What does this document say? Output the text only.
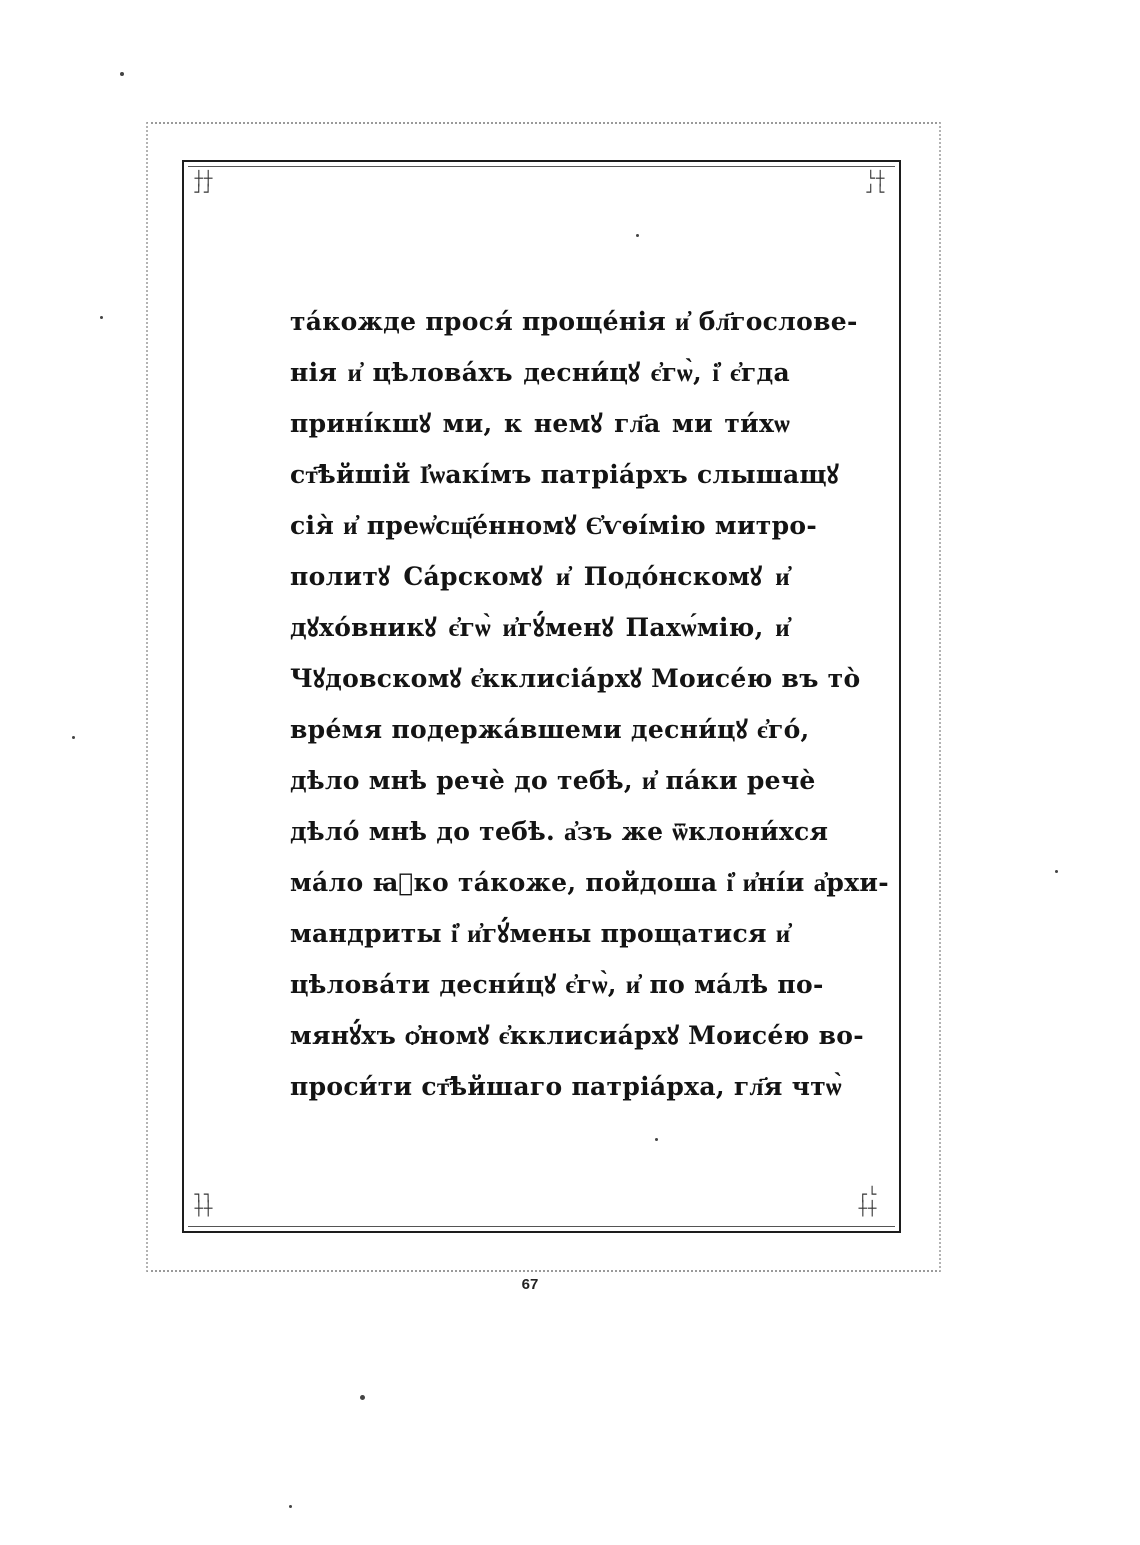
┼┼
┘┘
└┼
┘└
┐┐
┼┼
┌└
┼┼
та́кожде прося́ проще́нія и҆ бл҃гослове-
нія и҆ цѣлова́хъ десни́цꙋ є҆гѡ̀, і҆ є҆гда
прині́кшꙋ ми, к немꙋ гл҃а ми ти́хѡ
ст҃ѣйшій І҆ѡакі́мъ патріа́рхъ слышащꙋ
сія̀ и҆ преѡ҆сщ҃е́нномꙋ Є҆ѵѳі́мію митро-
политꙋ Са́рскомꙋ и҆ Подо́нскомꙋ и҆
дꙋхо́вникꙋ є҆гѡ̀ и҆гꙋ́менꙋ Пахѡ́мію, и҆
Чꙋдовскомꙋ є҆кклисіа́рхꙋ Моисе́ю въ то̀
вре́мя подержа́вшеми десни́цꙋ є҆го́,
дѣло мнѣ речѐ до тебѣ, и҆ па́ки речѐ
дѣло́ мнѣ до тебѣ. а҆зъ же ѿклони́хся
ма́ло ꙗ҆ко та́коже, пойдоша і҆ и҆ні́и а҆рхи-
мандриты і҆ и҆гꙋ́мены прощатися и҆
цѣлова́ти десни́цꙋ є҆гѡ̀, и҆ по ма́лѣ по-
мянꙋ́хъ ѻ҆номꙋ є҆кклисиа́рхꙋ Моисе́ю во-
проси́ти ст҃ѣйшаго патріа́рха, гл҃я чтѡ̀
67
